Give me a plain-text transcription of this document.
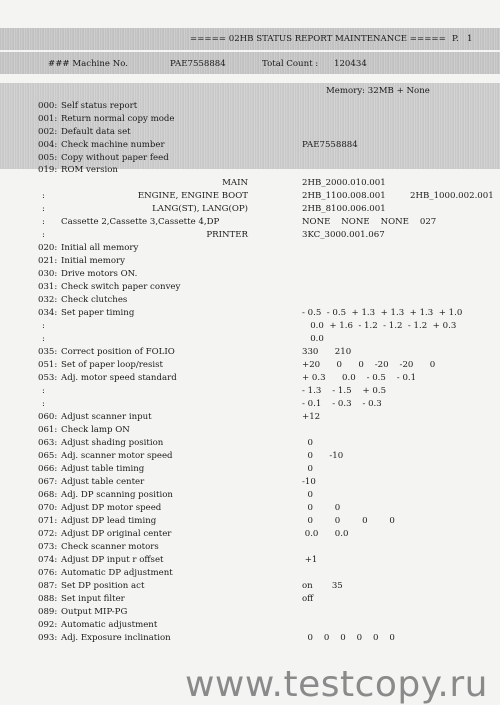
===== 02HB STATUS REPORT MAINTENANCE ===== P.   1
### Machine No.	PAE7558884	Total Count : 120434
Memory: 32MB + None
000: Self status report
001: Return normal copy mode
002: Default data set
004: Check machine number	PAE7558884
005: Copy without paper feed
019: ROM version
MAIN	2HB_2000.010.001
:	ENGINE, ENGINE BOOT	2HB_1100.008.001	2HB_1000.002.001
:	LANG(ST), LANG(OP)	2HB_8100.006.001
: Cassette 2,Cassette 3,Cassette 4,DP	NONE    NONE    NONE    027
:	PRINTER	3KC_3000.001.067
020: Initial all memory
021: Initial memory
030: Drive motors ON.
031: Check switch paper convey
032: Check clutches
034: Set paper timing	- 0.5  - 0.5  + 1.3  + 1.3  + 1.3  + 1.0
:	0.0  + 1.6  - 1.2  - 1.2  - 1.2  + 0.3
:	0.0
035: Correct position of FOLIO	330      210
051: Set of paper loop/resist	+20      0      0    -20    -20      0
053: Adj. motor speed standard	+ 0.3      0.0    - 0.5    - 0.1
:	- 1.3    - 1.5    + 0.5
:	- 0.1    - 0.3    - 0.3
060: Adjust scanner input	+12
061: Check lamp ON
063: Adjust shading position	0
065: Adj. scanner motor speed	0      -10
066: Adjust table timing	0
067: Adjust table center	-10
068: Adj. DP scanning position	0
070: Adjust DP motor speed	0        0
071: Adjust DP lead timing	0        0        0        0
072: Adjust DP original center	0.0      0.0
073: Check scanner motors
074: Adjust DP input r offset	+1
076: Automatic DP adjustment
087: Set DP position act	on       35
088: Set input filter	off
089: Output MIP-PG
092: Automatic adjustment
093: Adj. Exposure inclination	0    0    0    0    0    0
www.testcopy.ru
